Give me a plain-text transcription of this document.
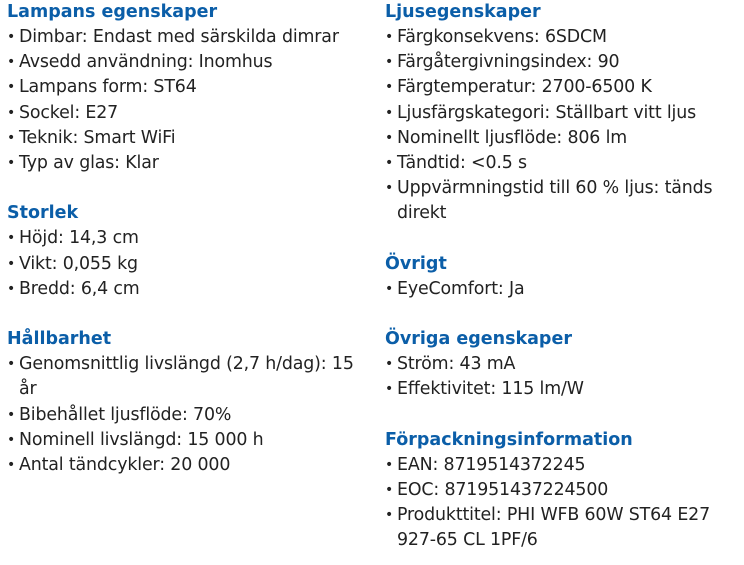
Lampans egenskaper
• Dimbar: Endast med särskilda dimrar
• Avsedd användning: Inomhus
• Lampans form: ST64
• Sockel: E27
• Teknik: Smart WiFi
• Typ av glas: Klar
Storlek
• Höjd: 14,3 cm
• Vikt: 0,055 kg
• Bredd: 6,4 cm
Hållbarhet
• Genomsnittlig livslängd (2,7 h/dag): 15 år
• Bibehållet ljusflöde: 70%
• Nominell livslängd: 15 000 h
• Antal tändcykler: 20 000
Ljusegenskaper
• Färgkonsekvens: 6SDCM
• Färgåtergivningsindex: 90
• Färgtemperatur: 2700-6500 K
• Ljusfärgskategori: Ställbart vitt ljus
• Nominellt ljusflöde: 806 lm
• Tändtid: <0.5 s
• Uppvärmningstid till 60 % ljus: tänds direkt
Övrigt
• EyeComfort: Ja
Övriga egenskaper
• Ström: 43 mA
• Effektivitet: 115 lm/W
Förpackningsinformation
• EAN: 8719514372245
• EOC: 871951437224500
• Produkttitel: PHI WFB 60W ST64 E27 927-65 CL 1PF/6
